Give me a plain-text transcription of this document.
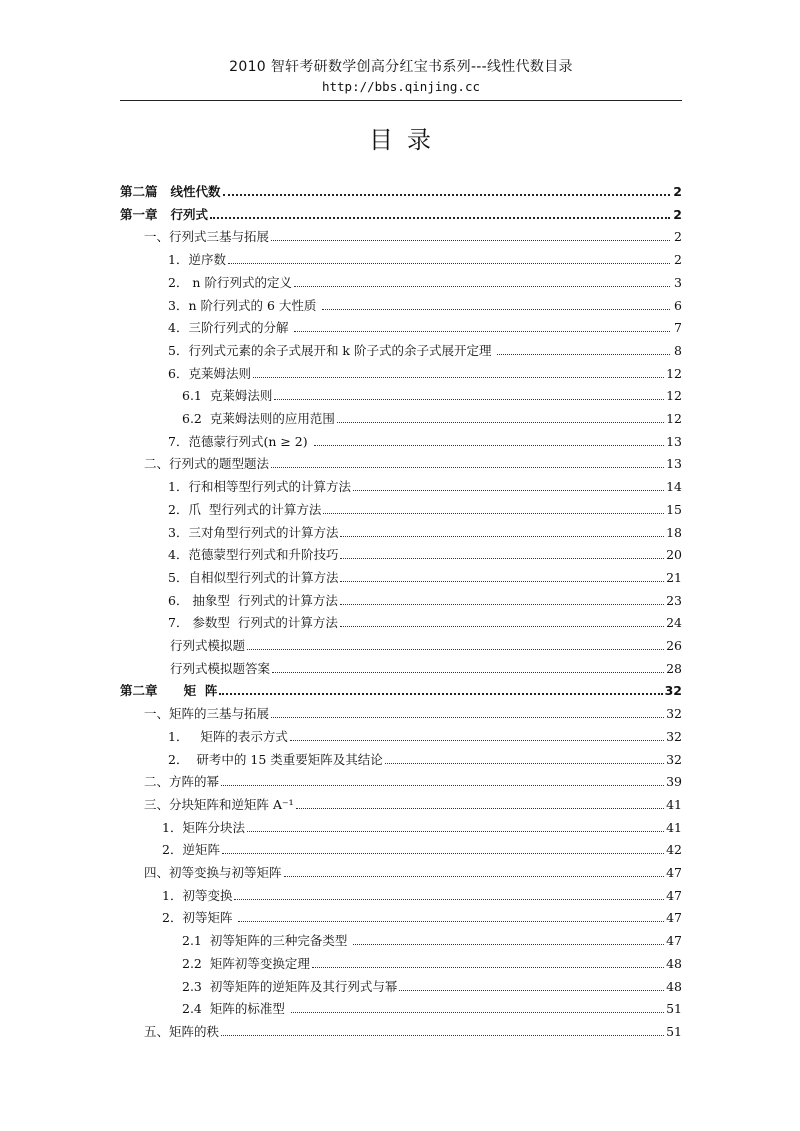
2010 智轩考研数学创高分红宝书系列---线性代数目录
http://bbs.qinjing.cc
目录
第二篇   线性代数	2
第一章   行列式	2
一、行列式三基与拓展	2
1．逆序数	2
2． n 阶行列式的定义	3
3．n 阶行列式的 6 大性质	6
4．三阶行列式的分解	7
5．行列式元素的余子式展开和 k 阶子式的余子式展开定理	8
6．克莱姆法则	12
6.1  克莱姆法则	12
6.2  克莱姆法则的应用范围	12
7．范德蒙行列式(n ≥ 2)	13
二、行列式的题型题法	13
1．行和相等型行列式的计算方法	14
2．爪  型行列式的计算方法	15
3．三对角型行列式的计算方法	18
4．范德蒙型行列式和升阶技巧	20
5．自相似型行列式的计算方法	21
6． 抽象型  行列式的计算方法	23
7． 参数型  行列式的计算方法	24
行列式模拟题	26
行列式模拟题答案	28
第二章      矩  阵	32
一、矩阵的三基与拓展	32
1．   矩阵的表示方式	32
2．  研考中的 15 类重要矩阵及其结论	32
二、方阵的幂	39
三、分块矩阵和逆矩阵 A⁻¹	41
1．矩阵分块法	41
2．逆矩阵	42
四、初等变换与初等矩阵	47
1．初等变换	47
2．初等矩阵	47
2.1  初等矩阵的三种完备类型	47
2.2  矩阵初等变换定理	48
2.3  初等矩阵的逆矩阵及其行列式与幂	48
2.4  矩阵的标准型	51
五、矩阵的秩	51
